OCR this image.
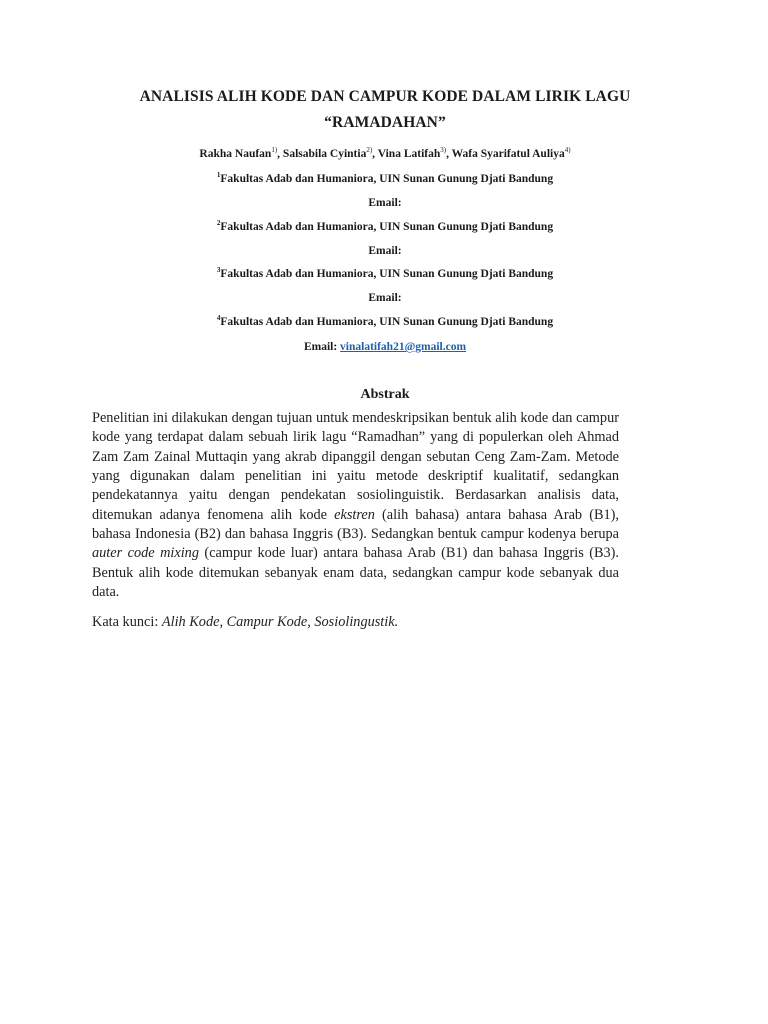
ANALISIS ALIH KODE DAN CAMPUR KODE DALAM LIRIK LAGU
“RAMADAHAN”

Rakha Naufan$^{1)}$, Salsabila Cyintia$^{2)}$, Vina Latifah$^{3)}$, Wafa Syarifatul Auliya$^{4)}$

$^1$Fakultas Adab dan Humaniora, UIN Sunan Gunung Djati Bandung

Email:

$^2$Fakultas Adab dan Humaniora, UIN Sunan Gunung Djati Bandung

Email:

$^3$Fakultas Adab dan Humaniora, UIN Sunan Gunung Djati Bandung

Email:

$^4$Fakultas Adab dan Humaniora, UIN Sunan Gunung Djati Bandung

Email: vinalatifah21@gmail.com

Abstrak

Penelitian ini dilakukan dengan tujuan untuk mendeskripsikan bentuk alih kode dan campur kode yang terdapat dalam sebuah lirik lagu “Ramadhan” yang di populerkan oleh Ahmad Zam Zam Zainal Muttaqin yang akrab dipanggil dengan sebutan Ceng Zam-Zam. Metode yang digunakan dalam penelitian ini yaitu metode deskriptif kualitatif, sedangkan pendekatannya yaitu dengan pendekatan sosiolinguistik. Berdasarkan analisis data, ditemukan adanya fenomena alih kode ekstren (alih bahasa) antara bahasa Arab (B1), bahasa Indonesia (B2) dan bahasa Inggris (B3). Sedangkan bentuk campur kodenya berupa auter code mixing (campur kode luar) antara bahasa Arab (B1) dan bahasa Inggris (B3). Bentuk alih kode ditemukan sebanyak enam data, sedangkan campur kode sebanyak dua data.

Kata kunci: Alih Kode, Campur Kode, Sosiolingustik.
